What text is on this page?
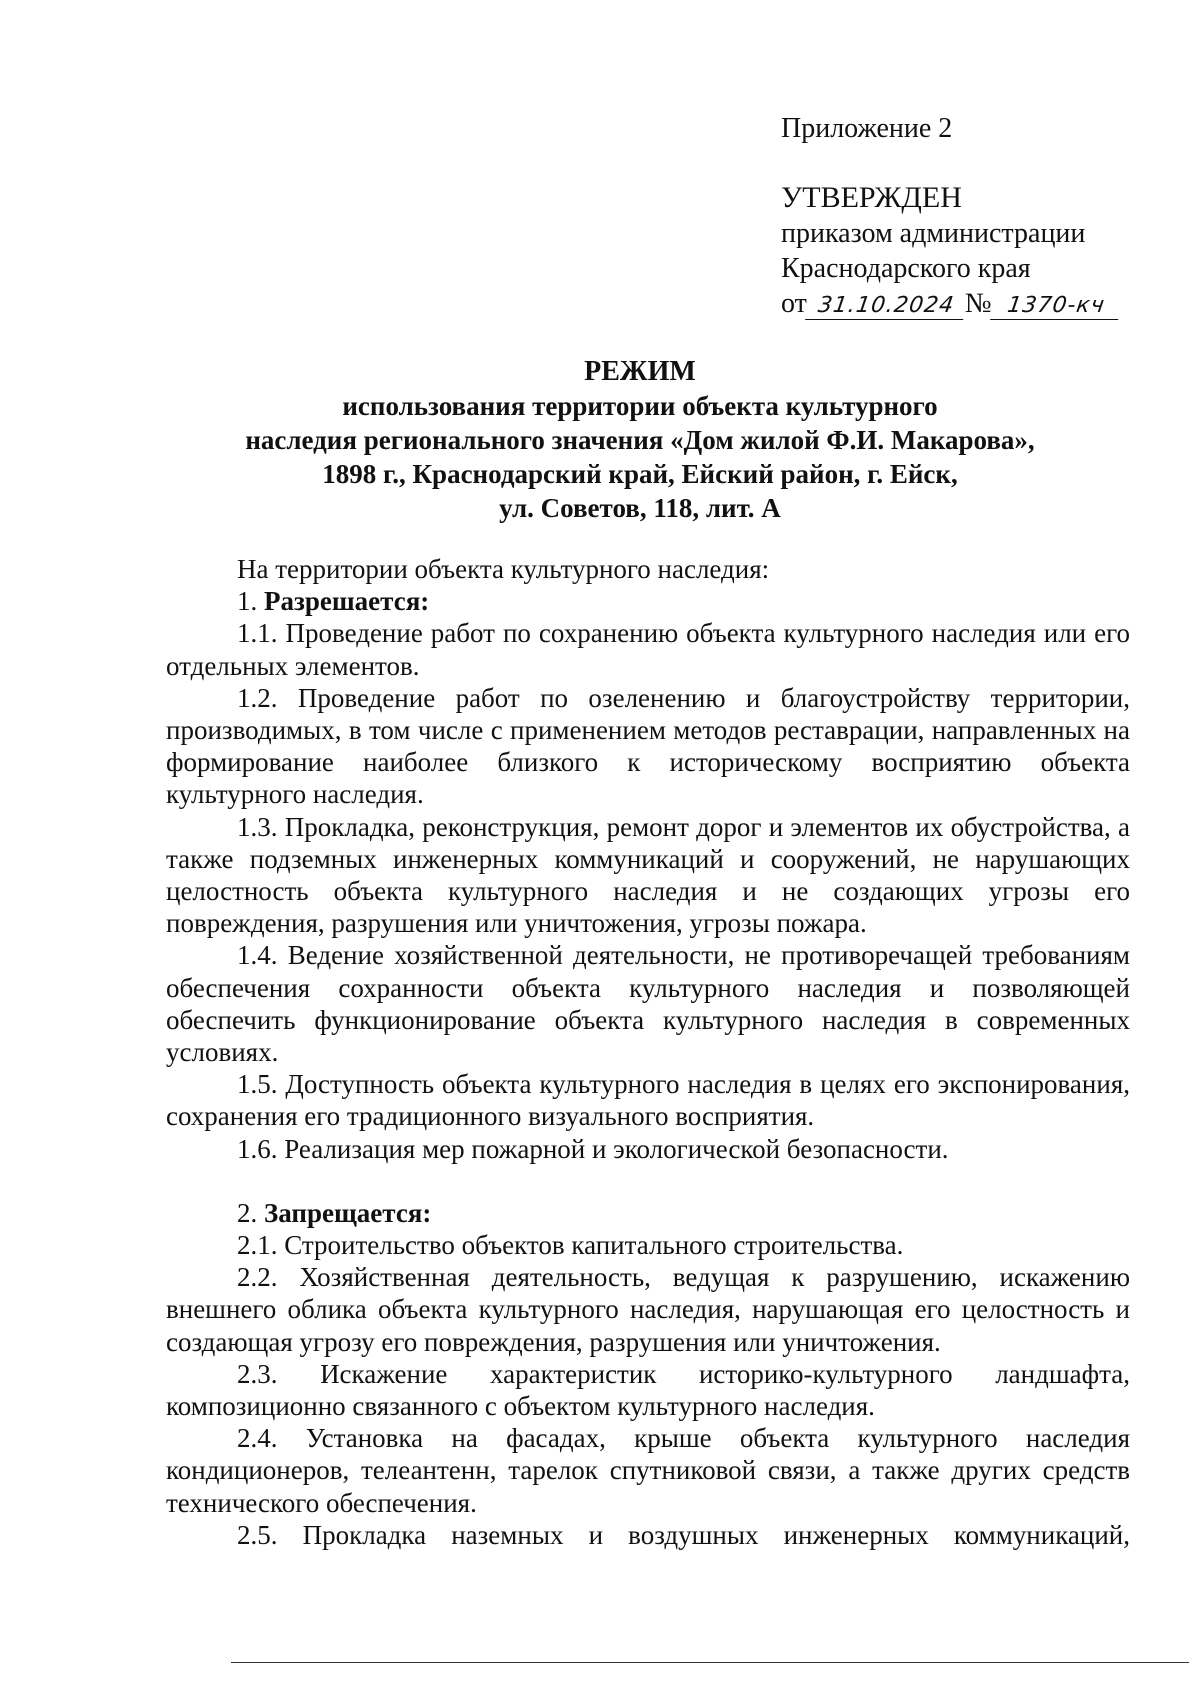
Приложение 2
УТВЕРЖДЕН
приказом администрации
Краснодарского края
от 31.10.2024 № 1370-кч
РЕЖИМ
использования территории объекта культурного
наследия регионального значения «Дом жилой Ф.И. Макарова»,
1898 г., Краснодарский край, Ейский район, г. Ейск,
ул. Советов, 118, лит. А

На территории объекта культурного наследия:

1. Разрешается:

1.1. Проведение работ по сохранению объекта культурного наследия или его отдельных элементов.

1.2. Проведение работ по озеленению и благоустройству территории, производимых, в том числе с применением методов реставрации, направленных на формирование наиболее близкого к историческому восприятию объекта культурного наследия.

1.3. Прокладка, реконструкция, ремонт дорог и элементов их обустройства, а также подземных инженерных коммуникаций и сооружений, не нарушающих целостность объекта культурного наследия и не создающих угрозы его повреждения, разрушения или уничтожения, угрозы пожара.

1.4. Ведение хозяйственной деятельности, не противоречащей требованиям обеспечения сохранности объекта культурного наследия и позволяющей обеспечить функционирование объекта культурного наследия в современных условиях.

1.5. Доступность объекта культурного наследия в целях его экспонирования, сохранения его традиционного визуального восприятия.

1.6. Реализация мер пожарной и экологической безопасности.

2. Запрещается:

2.1. Строительство объектов капитального строительства.

2.2. Хозяйственная деятельность, ведущая к разрушению, искажению внешнего облика объекта культурного наследия, нарушающая его целостность и создающая угрозу его повреждения, разрушения или уничтожения.

2.3. Искажение характеристик историко-культурного ландшафта, композиционно связанного с объектом культурного наследия.

2.4. Установка на фасадах, крыше объекта культурного наследия кондиционеров, телеантенн, тарелок спутниковой связи, а также других средств технического обеспечения.

2.5. Прокладка наземных и воздушных инженерных коммуникаций,
